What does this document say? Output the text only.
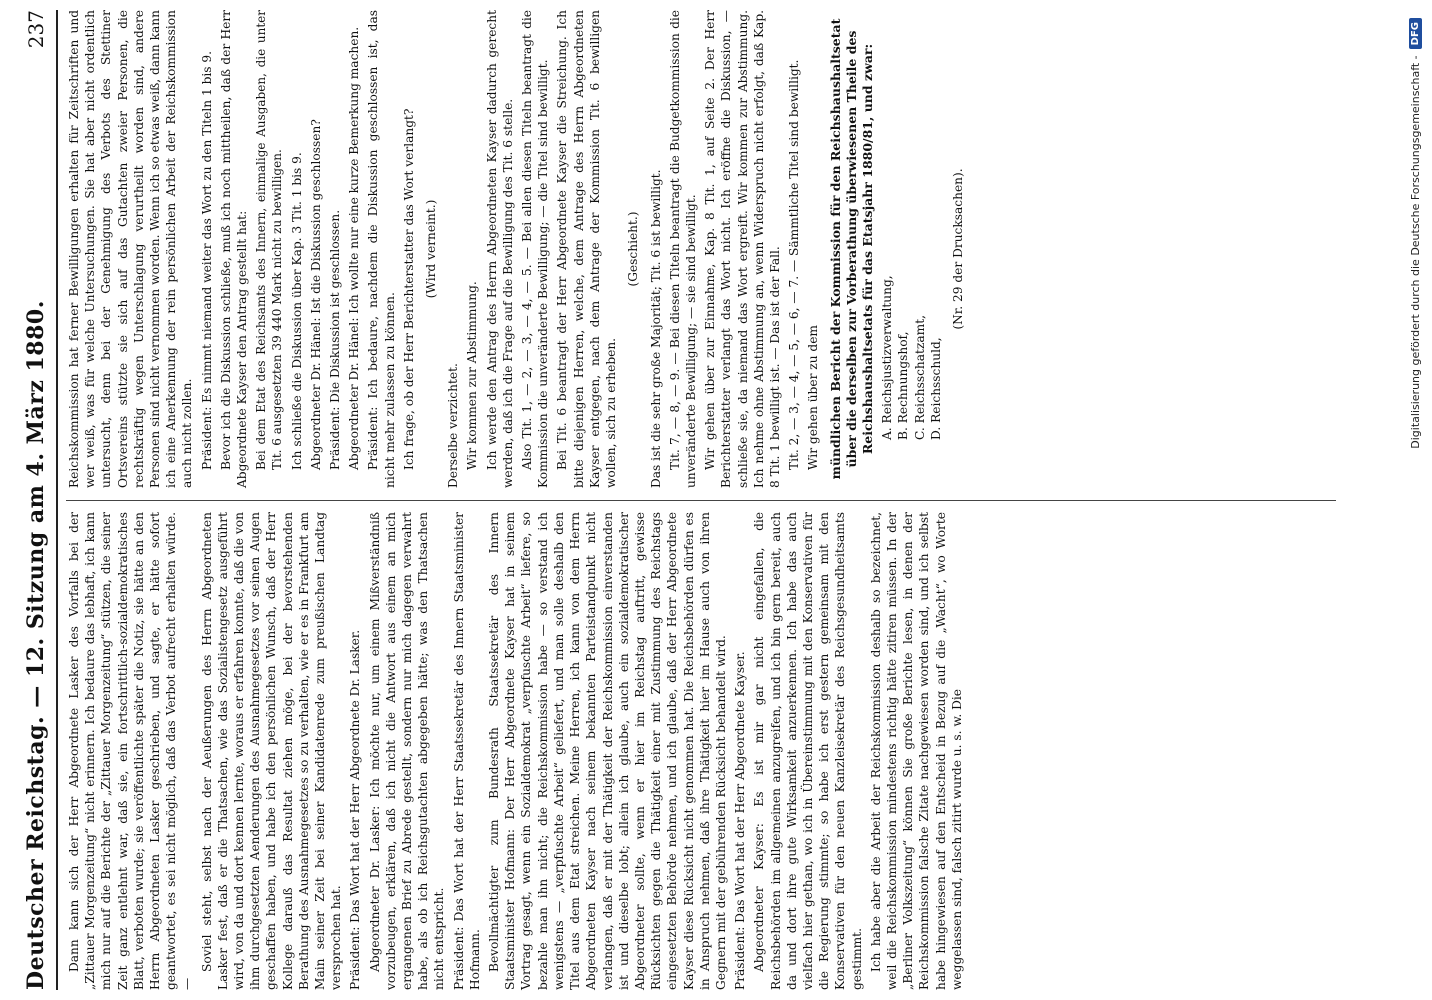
Deutscher Reichstag. — 12. Sitzung am 4. März 1880.
237

Dann kann sich der Herr Abgeordnete Lasker des Vorfalls bei der „Zittauer Morgenzeitung“ nicht erinnern. Ich bedaure das lebhaft, ich kann mich nur auf die Berichte der „Zittauer Morgenzeitung“ stützen, die seiner Zeit ganz entlehnt war, daß sie, ein fortschrittlich-sozialdemokratisches Blatt, verboten wurde; sie veröffentlichte später die Notiz, sie hätte an den Herrn Abgeordneten Lasker geschrieben, und sagte, er hätte sofort geantwortet, es sei nicht möglich, daß das Verbot aufrecht erhalten würde. —

Soviel steht, selbst nach der Aeußerungen des Herrn Abgeordneten Lasker fest, daß er die Thatsachen, wie das Sozialistengesetz ausgeführt wird, von da und dort kennen lernte, woraus er erfahren konnte, daß die von ihm durchgesetzten Aenderungen des Ausnahmegesetzes vor seinen Augen geschaffen haben, und habe ich den persönlichen Wunsch, daß der Herr Kollege darauß das Resultat ziehen möge, bei der bevorstehenden Berathung des Ausnahmegesetzes so zu verhalten, wie er es in Frankfurt am Main seiner Zeit bei seiner Kandidatenrede zum preußischen Landtag versprochen hat. Präsident: Das Wort hat der Herr Abgeordnete Dr. Lasker. Abgeordneter Dr. Lasker: Ich möchte nur, um einem Mißverständniß vorzubeugen, erklären, daß ich nicht die Antwort aus einem an mich ergangenen Brief zu Abrede gestellt, sondern nur mich dagegen verwahrt habe, als ob ich Reichsgutachten abgegeben hätte; was den Thatsachen nicht entspricht. Präsident: Das Wort hat der Herr Staatssekretär des Innern Staatsminister Hofmann. Bevollmächtigter zum Bundesrath Staatssekretär des Innern Staatsminister Hofmann: Der Herr Abgeordnete Kayser hat in seinem Vortrag gesagt, wenn ein Sozialdemokrat „verpfuschte Arbeit“ liefere, so bezahle man ihn nicht; die Reichskommission habe — so verstand ich wenigstens — „verpfuschte Arbeit“ geliefert, und man solle deshalb den Titel aus dem Etat streichen. Meine Herren, ich kann von dem Herrn Abgeordneten Kayser nach seinem bekannten Parteistandpunkt nicht verlangen, daß er mit der Thätigkeit der Reichskommission einverstanden ist und dieselbe lobt; allein ich glaube, auch ein sozialdemokratischer Abgeordneter sollte, wenn er hier im Reichstag auftritt, gewisse Rücksichten gegen die Thätigkeit einer mit Zustimmung des Reichstags eingesetzten Behörde nehmen, und ich glaube, daß der Herr Abgeordnete Kayser diese Rücksicht nicht genommen hat. Die Reichsbehörden dürfen es in Anspruch nehmen, daß ihre Thätigkeit hier im Hause auch von ihren Gegnern mit der gebührenden Rücksicht behandelt wird. Präsident: Das Wort hat der Herr Abgeordnete Kayser. Abgeordneter Kayser: Es ist mir gar nicht eingefallen, die Reichsbehörden im allgemeinen anzugreifen, und ich bin gern bereit, auch da und dort ihre gute Wirksamkeit anzuerkennen. Ich habe das auch vielfach hier gethan, wo ich in Übereinstimmung mit den Konservativen für die Regierung stimmte; so habe ich erst gestern gemeinsam mit den Konservativen für den neuen Kanzleisekretär des Reichsgesundheitsamts gestimmt. Ich habe aber die Arbeit der Reichskommission deshalb so bezeichnet, weil die Reichskommission mindestens richtig hätte zitiren müssen. In der „Berliner Volkszeitung“ können Sie große Berichte lesen, in denen der Reichskommission falsche Zitate nachgewiesen worden sind, und ich selbst habe hingewiesen auf den Entscheid in Bezug auf die „Wacht“, wo Worte weggelassen sind, falsch zitirt wurde u. s. w. Die

Reichskommission hat ferner Bewilligungen erhalten für Zeitschriften und wer weiß, was für welche Untersuchungen. Sie hat aber nicht ordentlich untersucht, denn bei der Genehmigung des Verbots des Stettiner Ortsvereins stützte sie sich auf das Gutachten zweier Personen, die rechtskräftig wegen Unterschlagung verurtheilt worden sind, andere Personen sind nicht vernommen worden. Wenn ich so etwas weiß, dann kann ich eine Anerkennung der rein persönlichen Arbeit der Reichskommission auch nicht zollen. Präsident: Es nimmt niemand weiter das Wort zu den Titeln 1 bis 9. Bevor ich die Diskussion schließe, muß ich noch mittheilen, daß der Herr Abgeordnete Kayser den Antrag gestellt hat: Bei dem Etat des Reichsamts des Innern, einmalige Ausgaben, die unter Tit. 6 ausgesetzten 39 440 Mark nicht zu bewilligen. Ich schließe die Diskussion über Kap. 3 Tit. 1 bis 9. Abgeordneter Dr. Hänel: Ist die Diskussion geschlossen? Präsident: Die Diskussion ist geschlossen. Abgeordneter Dr. Hänel: Ich wollte nur eine kurze Bemerkung machen. Präsident: Ich bedaure, nachdem die Diskussion geschlossen ist, das nicht mehr zulassen zu können. Ich frage, ob der Herr Berichterstatter das Wort verlangt? (Wird verneint.)

Derselbe verzichtet. Wir kommen zur Abstimmung. Ich werde den Antrag des Herrn Abgeordneten Kayser dadurch gerecht werden, daß ich die Frage auf die Bewilligung des Tit. 6 stelle. Also Tit. 1, — 2, — 3, — 4, — 5. — Bei allen diesen Titeln beantragt die Kommission die unveränderte Bewilligung; — die Titel sind bewilligt. Bei Tit. 6 beantragt der Herr Abgeordnete Kayser die Streichung. Ich bitte diejenigen Herren, welche, dem Antrage des Herrn Abgeordneten Kayser entgegen, nach dem Antrage der Kommission Tit. 6 bewilligen wollen, sich zu erheben.

(Geschieht.) Das ist die sehr große Majorität; Tit. 6 ist bewilligt. Tit. 7, — 8, — 9. — Bei diesen Titeln beantragt die Budgetkommission die unveränderte Bewilligung; — sie sind bewilligt. Wir gehen über zur Einnahme, Kap. 8 Tit. 1, auf Seite 2. Der Herr Berichterstatter verlangt das Wort nicht. Ich eröffne die Diskussion, — schließe sie, da niemand das Wort ergreift. Wir kommen zur Abstimmung. Ich nehme ohne Abstimmung an, wenn Widerspruch nicht erfolgt, daß Kap. 8 Tit. 1 bewilligt ist. — Das ist der Fall. Tit. 2, — 3, — 4, — 5, — 6, — 7. — Sämmtliche Titel sind bewilligt. Wir gehen über zu dem mündlichen Bericht der Kommission für den Reichshaushaltsetat über die derselben zur Vorberathung überwiesenen Theile des Reichshaushaltsetats für das Etatsjahr 1880/81, und zwar: A. Reichsjustizverwaltung, B. Rechnungshof, C. Reichsschatzamt, D. Reichsschuld,

(Nr. 29 der Drucksachen).	Digitalisierung gefördert durch die Deutsche Forschungsgemeinschaft -
DFG
